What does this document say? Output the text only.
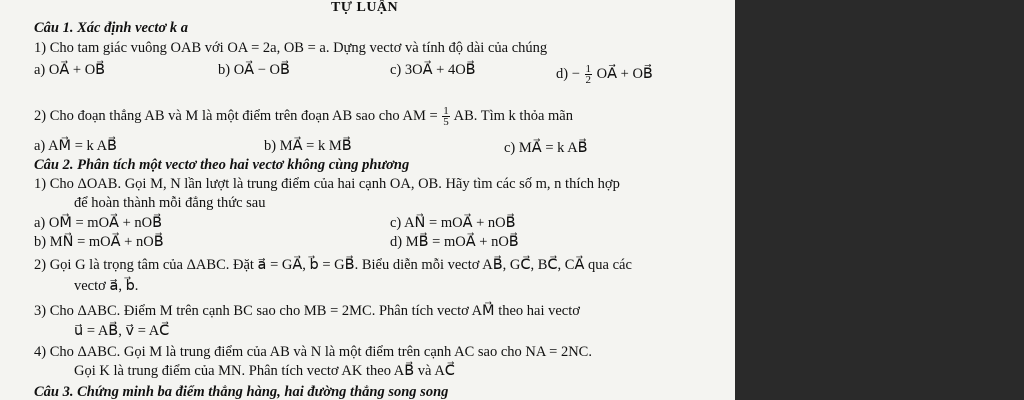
TỰ LUẬN
Câu 1. Xác định vectơ k a⃗
1) Cho tam giác vuông OAB với OA = 2a, OB = a. Dựng vectơ và tính độ dài của chúng
a) OA⃗ + OB⃗	b) OA⃗ − OB⃗	c) 3OA⃗ + 4OB⃗	$d) - \frac{1}{2}$ OA⃗ + OB⃗
2) Cho đoạn thẳng AB và M là một điểm trên đoạn AB sao cho AM = $\frac{1}{5}$ AB. Tìm k thỏa mãn
a) AM⃗ = k AB⃗	b) MA⃗ = k MB⃗	c) MA⃗ = k AB⃗
Câu 2. Phân tích một vectơ theo hai vectơ không cùng phương
1) Cho ΔOAB. Gọi M, N lần lượt là trung điểm của hai cạnh OA, OB. Hãy tìm các số m, n thích hợp
để hoàn thành mỗi đẳng thức sau
a) OM⃗ = mOA⃗ + nOB⃗	c) AN⃗ = mOA⃗ + nOB⃗
b) MN⃗ = mOA⃗ + nOB⃗	d) MB⃗ = mOA⃗ + nOB⃗
2) Gọi G là trọng tâm của ΔABC. Đặt a⃗ = GA⃗, b⃗ = GB⃗. Biểu diễn mỗi vectơ AB⃗, GC⃗, BC⃗, CA⃗ qua các
vectơ a⃗, b⃗.
3) Cho ΔABC. Điểm M trên cạnh BC sao cho MB = 2MC. Phân tích vectơ AM⃗ theo hai vectơ
u⃗ = AB⃗, v⃗ = AC⃗
4) Cho ΔABC. Gọi M là trung điểm của AB và N là một điểm trên cạnh AC sao cho NA = 2NC.
Gọi K là trung điểm của MN. Phân tích vectơ AK theo AB⃗ và AC⃗
Câu 3. Chứng minh ba điểm thẳng hàng, hai đường thẳng song song
